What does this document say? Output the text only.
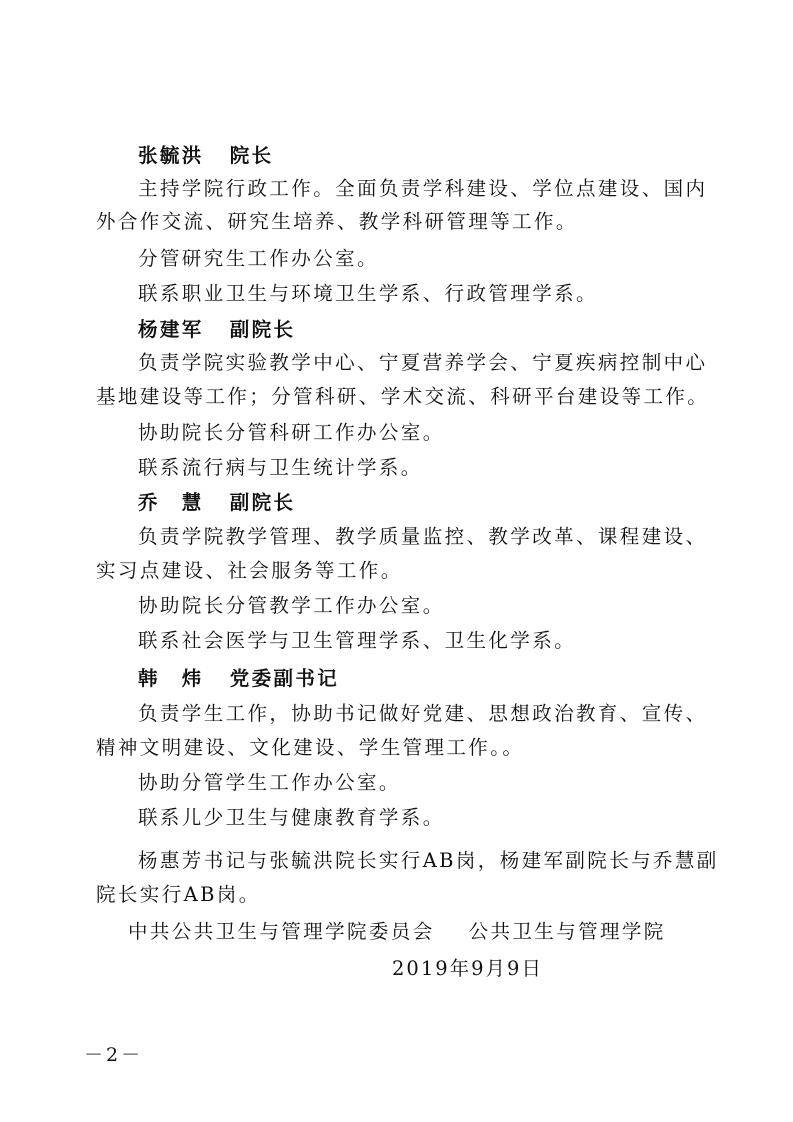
张毓洪 院长
主持学院行政工作。全面负责学科建设、学位点建设、国内
外合作交流、研究生培养、教学科研管理等工作。
分管研究生工作办公室。
联系职业卫生与环境卫生学系、行政管理学系。
杨建军 副院长
负责学院实验教学中心、宁夏营养学会、宁夏疾病控制中心
基地建设等工作；分管科研、学术交流、科研平台建设等工作。
协助院长分管科研工作办公室。
联系流行病与卫生统计学系。
乔　慧 副院长
负责学院教学管理、教学质量监控、教学改革、课程建设、
实习点建设、社会服务等工作。
协助院长分管教学工作办公室。
联系社会医学与卫生管理学系、卫生化学系。
韩　炜 党委副书记
负责学生工作，协助书记做好党建、思想政治教育、宣传、
精神文明建设、文化建设、学生管理工作。。
协助分管学生工作办公室。
联系儿少卫生与健康教育学系。
杨惠芳书记与张毓洪院长实行AB岗，杨建军副院长与乔慧副
院长实行AB岗。
中共公共卫生与管理学院委员会 公共卫生与管理学院
2019年9月9日
－2－
